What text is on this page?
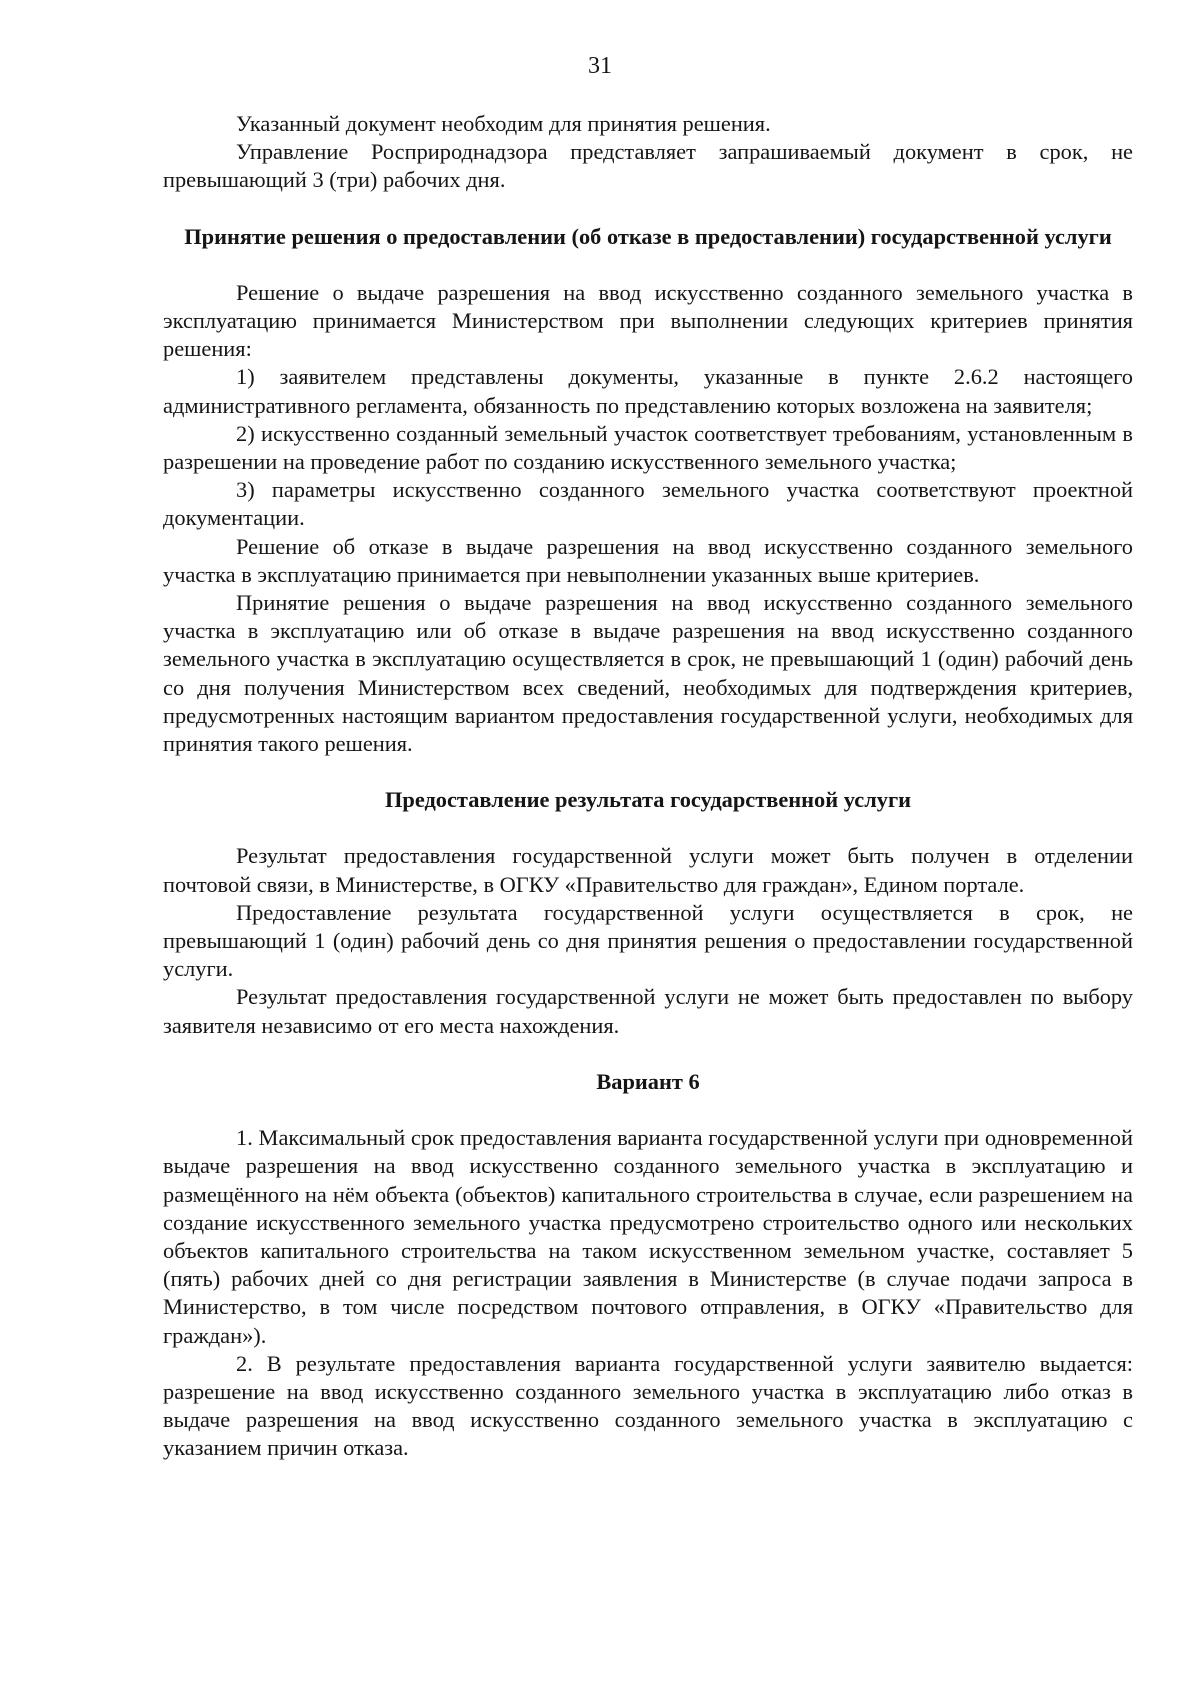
31

Указанный документ необходим для принятия решения.

Управление Росприроднадзора представляет запрашиваемый документ в срок, не превышающий 3 (три) рабочих дня.

Принятие решения о предоставлении (об отказе в предоставлении) государственной услуги

Решение о выдаче разрешения на ввод искусственно созданного земельного участка в эксплуатацию принимается Министерством при выполнении следующих критериев принятия решения:

1) заявителем представлены документы, указанные в пункте 2.6.2 настоящего административного регламента, обязанность по представлению которых возложена на заявителя;

2) искусственно созданный земельный участок соответствует требованиям, установленным в разрешении на проведение работ по созданию искусственного земельного участка;

3) параметры искусственно созданного земельного участка соответствуют проектной документации.

Решение об отказе в выдаче разрешения на ввод искусственно созданного земельного участка в эксплуатацию принимается при невыполнении указанных выше критериев.

Принятие решения о выдаче разрешения на ввод искусственно созданного земельного участка в эксплуатацию или об отказе в выдаче разрешения на ввод искусственно созданного земельного участка в эксплуатацию осуществляется в срок, не превышающий 1 (один) рабочий день со дня получения Министерством всех сведений, необходимых для подтверждения критериев, предусмотренных настоящим вариантом предоставления государственной услуги, необходимых для принятия такого решения.

Предоставление результата государственной услуги

Результат предоставления государственной услуги может быть получен в отделении почтовой связи, в Министерстве, в ОГКУ «Правительство для граждан», Едином портале.

Предоставление результата государственной услуги осуществляется в срок, не превышающий 1 (один) рабочий день со дня принятия решения о предоставлении государственной услуги.

Результат предоставления государственной услуги не может быть предоставлен по выбору заявителя независимо от его места нахождения.

Вариант 6

1. Максимальный срок предоставления варианта государственной услуги при одновременной выдаче разрешения на ввод искусственно созданного земельного участка в эксплуатацию и размещённого на нём объекта (объектов) капитального строительства в случае, если разрешением на создание искусственного земельного участка предусмотрено строительство одного или нескольких объектов капитального строительства на таком искусственном земельном участке, составляет 5 (пять) рабочих дней со дня регистрации заявления в Министерстве (в случае подачи запроса в Министерство, в том числе посредством почтового отправления, в ОГКУ «Правительство для граждан»).

2. В результате предоставления варианта государственной услуги заявителю выдается: разрешение на ввод искусственно созданного земельного участка в эксплуатацию либо отказ в выдаче разрешения на ввод искусственно созданного земельного участка в эксплуатацию с указанием причин отказа.
